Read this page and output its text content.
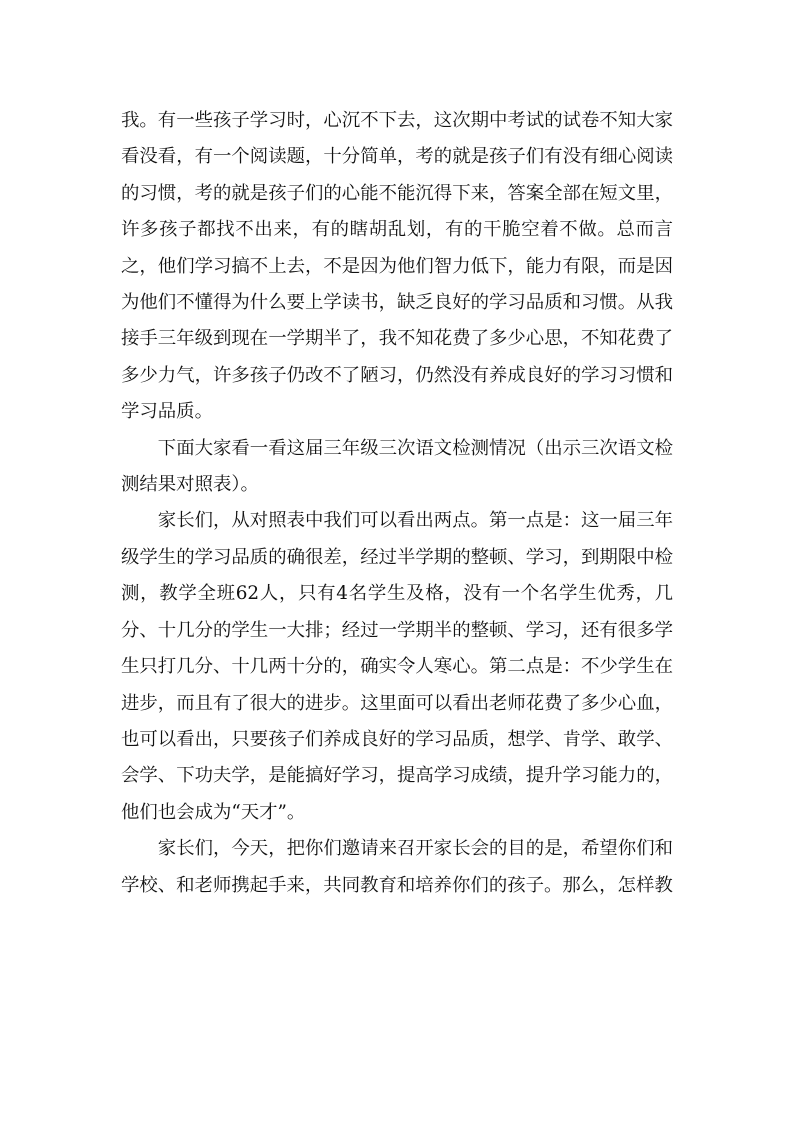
我。有一些孩子学习时，心沉不下去，这次期中考试的试卷不知大家看没看，有一个阅读题，十分简单，考的就是孩子们有没有细心阅读的习惯，考的就是孩子们的心能不能沉得下来，答案全部在短文里，许多孩子都找不出来，有的瞎胡乱划，有的干脆空着不做。总而言之，他们学习搞不上去，不是因为他们智力低下，能力有限，而是因为他们不懂得为什么要上学读书，缺乏良好的学习品质和习惯。从我接手三年级到现在一学期半了，我不知花费了多少心思，不知花费了多少力气，许多孩子仍改不了陋习，仍然没有养成良好的学习习惯和学习品质。

下面大家看一看这届三年级三次语文检测情况（出示三次语文检测结果对照表）。

家长们，从对照表中我们可以看出两点。第一点是：这一届三年级学生的学习品质的确很差，经过半学期的整顿、学习，到期限中检测，教学全班62人，只有4名学生及格，没有一个名学生优秀，几分、十几分的学生一大排；经过一学期半的整顿、学习，还有很多学生只打几分、十几两十分的，确实令人寒心。第二点是：不少学生在进步，而且有了很大的进步。这里面可以看出老师花费了多少心血，也可以看出，只要孩子们养成良好的学习品质，想学、肯学、敢学、会学、下功夫学，是能搞好学习，提高学习成绩，提升学习能力的，他们也会成为“天才”。

家长们，今天，把你们邀请来召开家长会的目的是，希望你们和学校、和老师携起手来，共同教育和培养你们的孩子。那么，怎样教
